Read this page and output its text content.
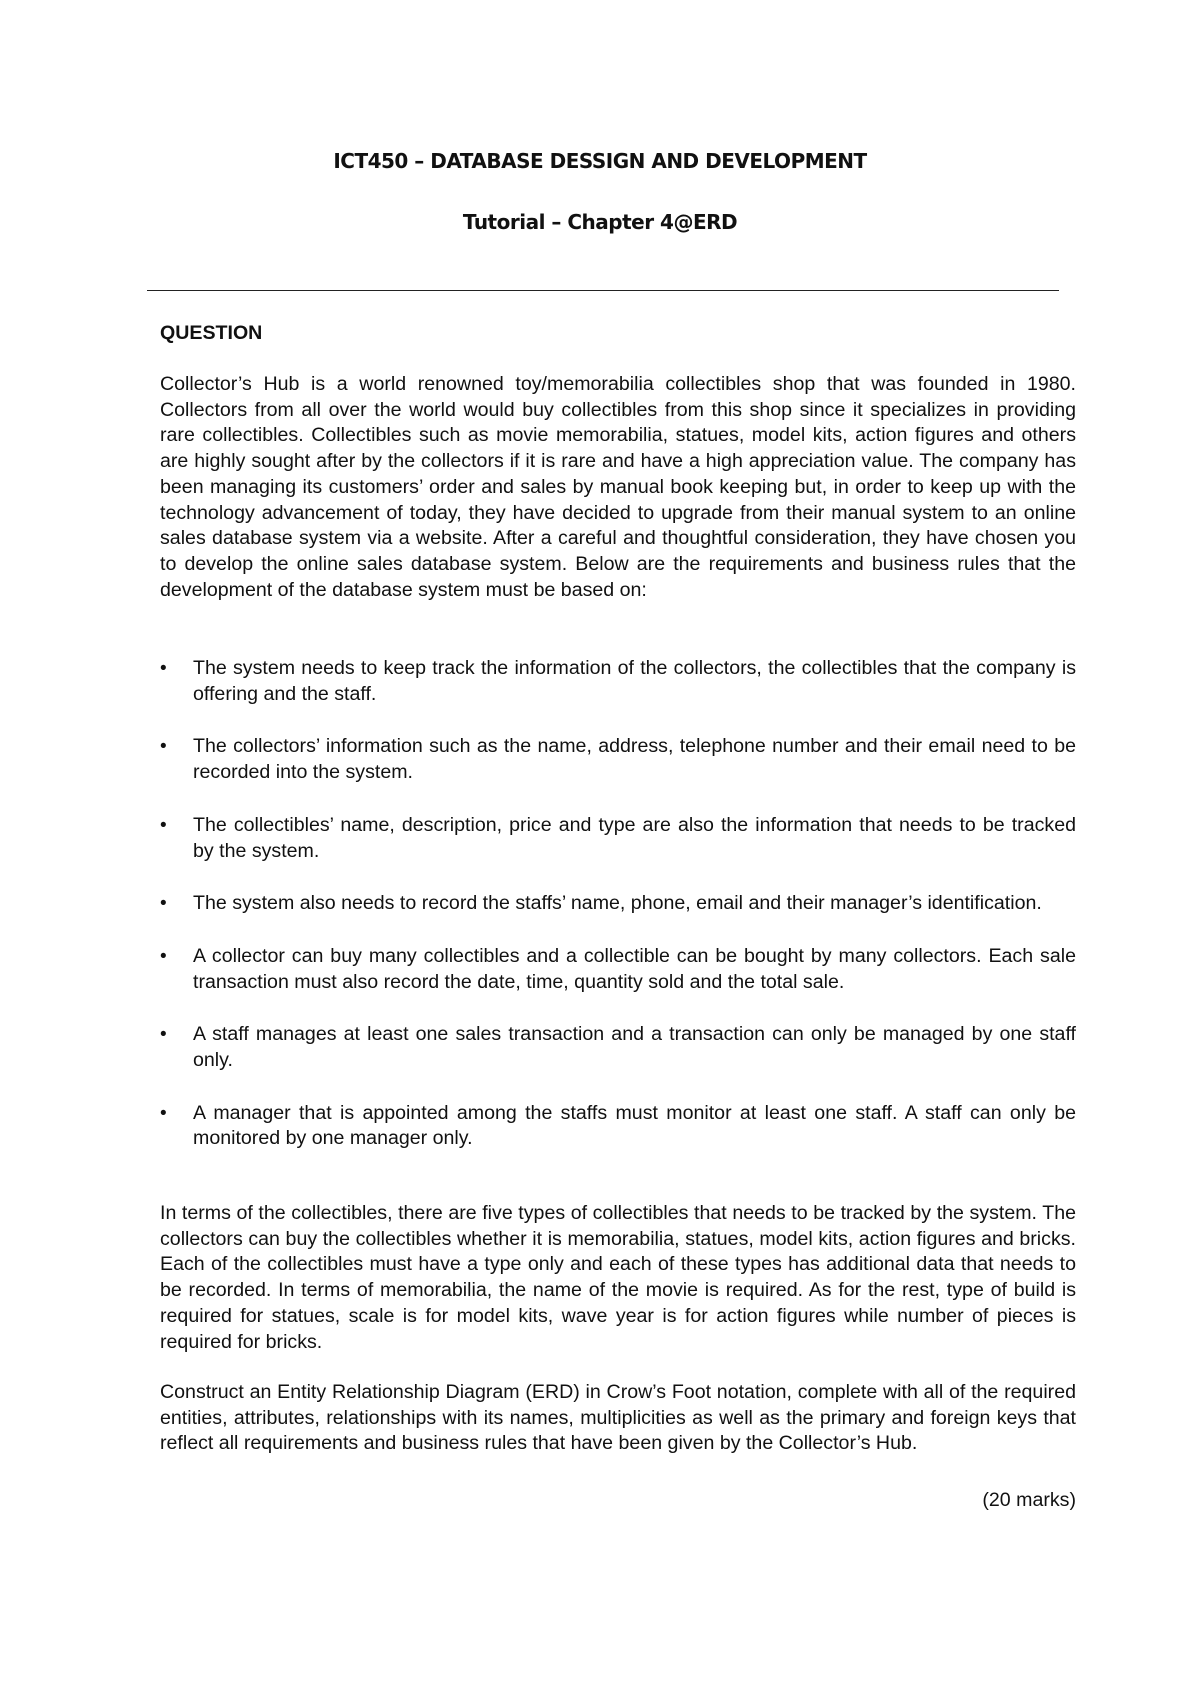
ICT450 – DATABASE DESSIGN AND DEVELOPMENT
Tutorial – Chapter 4@ERD
QUESTION
Collector’s Hub is a world renowned toy/memorabilia collectibles shop that was founded in 1980. Collectors from all over the world would buy collectibles from this shop since it specializes in providing rare collectibles. Collectibles such as movie memorabilia, statues, model kits, action figures and others are highly sought after by the collectors if it is rare and have a high appreciation value. The company has been managing its customers’ order and sales by manual book keeping but, in order to keep up with the technology advancement of today, they have decided to upgrade from their manual system to an online sales database system via a website. After a careful and thoughtful consideration, they have chosen you to develop the online sales database system. Below are the requirements and business rules that the development of the database system must be based on:
•	The system needs to keep track the information of the collectors, the collectibles that the company is offering and the staff.
•	The collectors’ information such as the name, address, telephone number and their email need to be recorded into the system.
•	The collectibles’ name, description, price and type are also the information that needs to be tracked by the system.
•	The system also needs to record the staffs’ name, phone, email and their manager’s identification.
•	A collector can buy many collectibles and a collectible can be bought by many collectors. Each sale transaction must also record the date, time, quantity sold and the total sale.
•	A staff manages at least one sales transaction and a transaction can only be managed by one staff only.
•	A manager that is appointed among the staffs must monitor at least one staff. A staff can only be monitored by one manager only.
In terms of the collectibles, there are five types of collectibles that needs to be tracked by the system. The collectors can buy the collectibles whether it is memorabilia, statues, model kits, action figures and bricks. Each of the collectibles must have a type only and each of these types has additional data that needs to be recorded. In terms of memorabilia, the name of the movie is required. As for the rest, type of build is required for statues, scale is for model kits, wave year is for action figures while number of pieces is required for bricks.
Construct an Entity Relationship Diagram (ERD) in Crow’s Foot notation, complete with all of the required entities, attributes, relationships with its names, multiplicities as well as the primary and foreign keys that reflect all requirements and business rules that have been given by the Collector’s Hub.
(20 marks)
